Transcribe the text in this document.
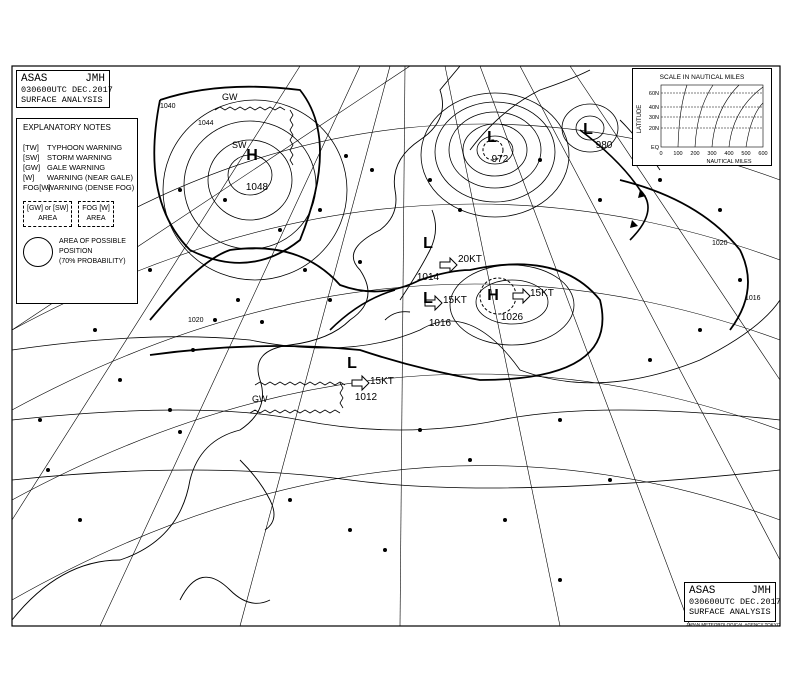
H
1026
15KT
H
1048
L
972
L
980
L
1014
20KT
L
1016
15KT
L
1012
15KT
SW
GW
GW
1040
1044
1020
1020
1016
ASAS	JMH
030600UTC DEC.2017
SURFACE ANALYSIS
EXPLANATORY NOTES
[TW] TYPHOON WARNING
[SW] STORM WARNING
[GW] GALE WARNING
[W] WARNING (NEAR GALE)
FOG[W]WARNING (DENSE FOG)
[GW] or [SW]
AREA
FOG [W]
AREA
AREA OF POSSIBLE
POSITION
(70% PROBABILITY)
SCALE IN NAUTICAL MILES
LATITUDE
60N
40N
30N
20N
EQ
0 100 200 300 400 500 600
NAUTICAL MILES
ASAS	JMH
030600UTC DEC.2017
SURFACE ANALYSIS
JAPAN METEOROLOGICAL AGENCY TOKYO
